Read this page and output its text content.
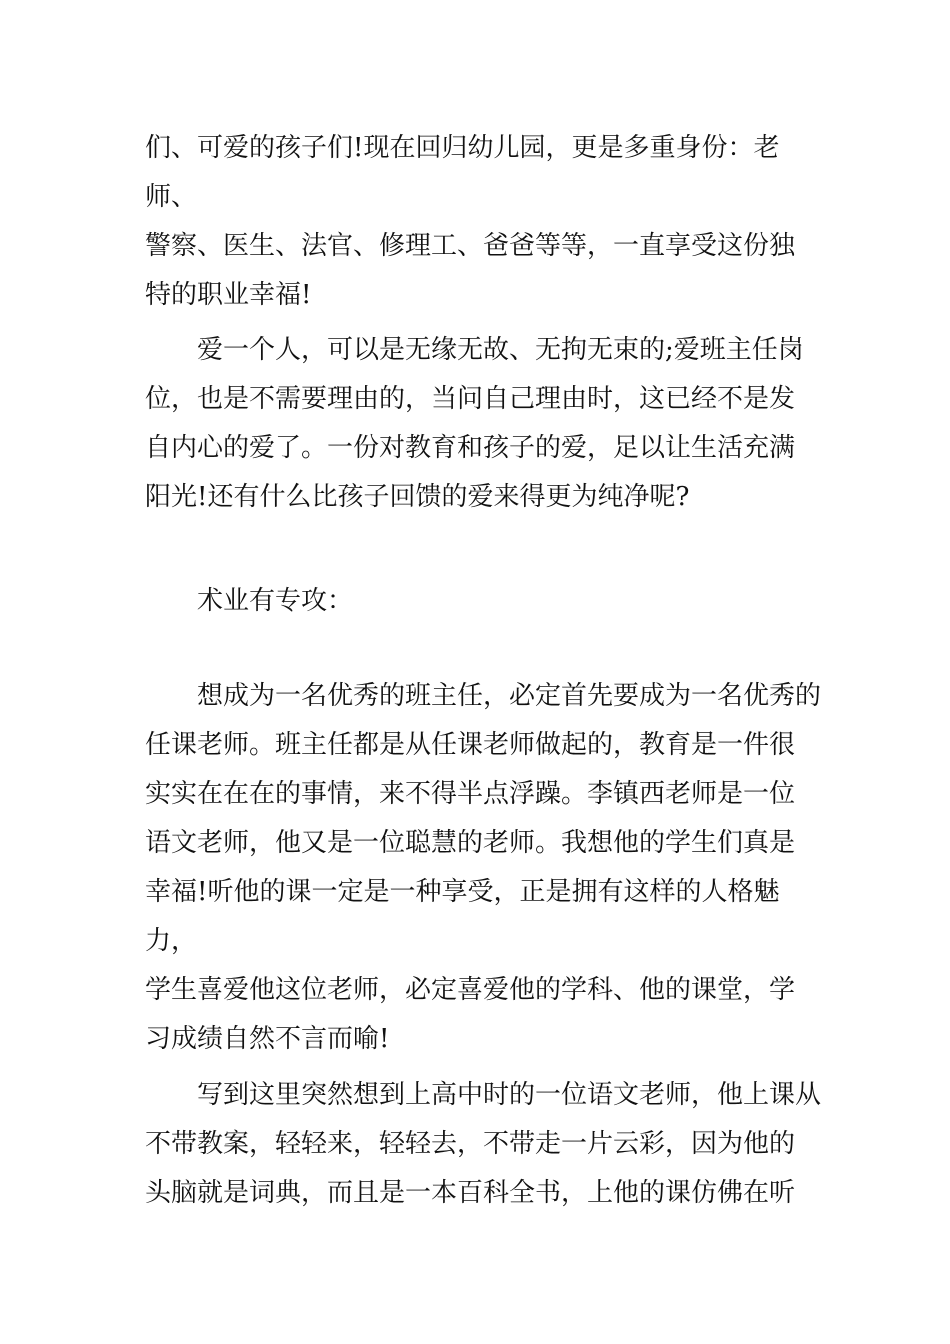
们、可爱的孩子们!现在回归幼儿园，更是多重身份：老师、
警察、医生、法官、修理工、爸爸等等，一直享受这份独
特的职业幸福!

　　爱一个人，可以是无缘无故、无拘无束的;爱班主任岗
位，也是不需要理由的，当问自己理由时，这已经不是发
自内心的爱了。一份对教育和孩子的爱，足以让生活充满
阳光!还有什么比孩子回馈的爱来得更为纯净呢?

　　术业有专攻：

　　想成为一名优秀的班主任，必定首先要成为一名优秀的
任课老师。班主任都是从任课老师做起的，教育是一件很
实实在在在的事情，来不得半点浮躁。李镇西老师是一位
语文老师，他又是一位聪慧的老师。我想他的学生们真是
幸福!听他的课一定是一种享受，正是拥有这样的人格魅力，
学生喜爱他这位老师，必定喜爱他的学科、他的课堂，学
习成绩自然不言而喻!

　　写到这里突然想到上高中时的一位语文老师，他上课从
不带教案，轻轻来，轻轻去，不带走一片云彩，因为他的
头脑就是词典，而且是一本百科全书，上他的课仿佛在听
